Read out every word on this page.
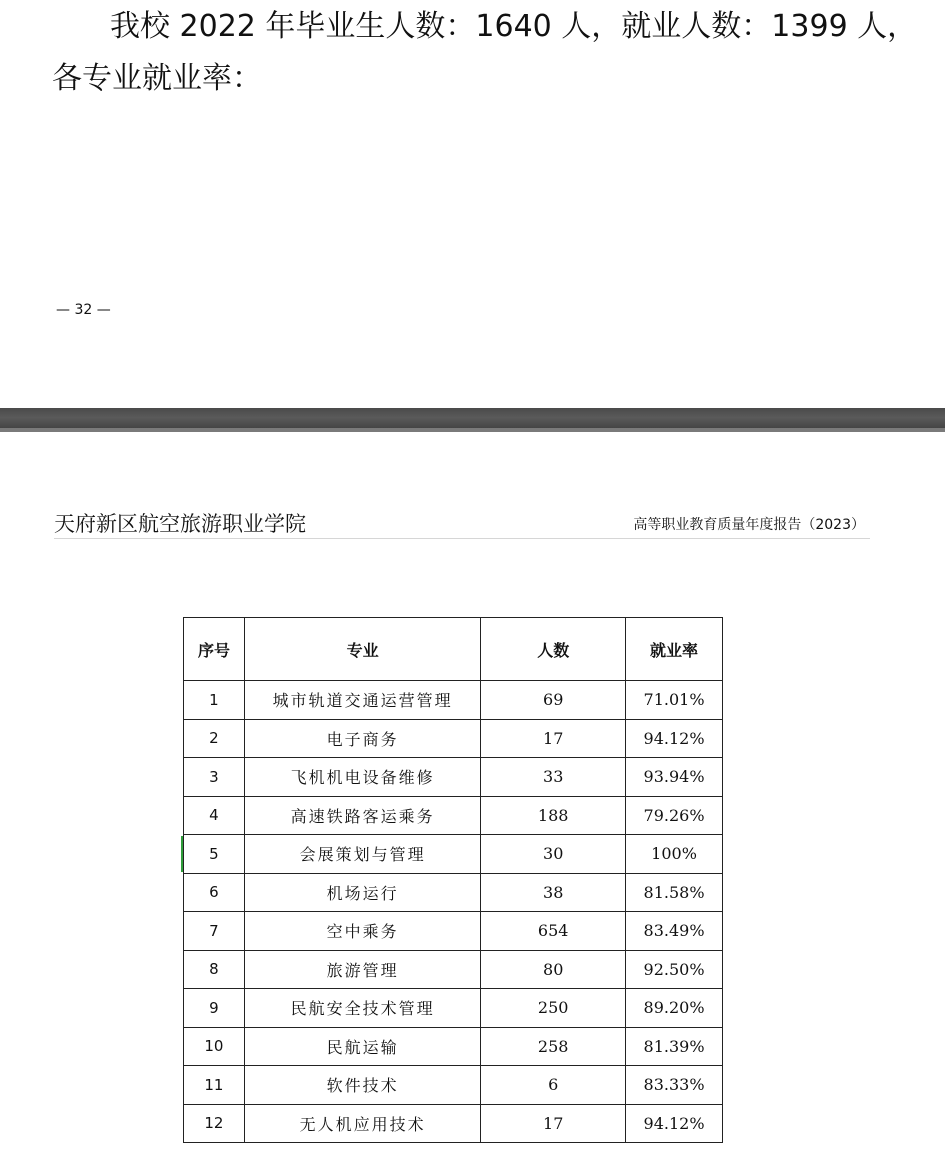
我校 2022 年毕业生人数：1640 人，就业人数：1399 人，
各专业就业率：
— 32 —
天府新区航空旅游职业学院	高等职业教育质量年度报告（2023）
序号	专业	人数	就业率
1	城市轨道交通运营管理	69	71.01%
2	电子商务	17	94.12%
3	飞机机电设备维修	33	93.94%
4	高速铁路客运乘务	188	79.26%
5	会展策划与管理	30	100%
6	机场运行	38	81.58%
7	空中乘务	654	83.49%
8	旅游管理	80	92.50%
9	民航安全技术管理	250	89.20%
10	民航运输	258	81.39%
11	软件技术	6	83.33%
12	无人机应用技术	17	94.12%
